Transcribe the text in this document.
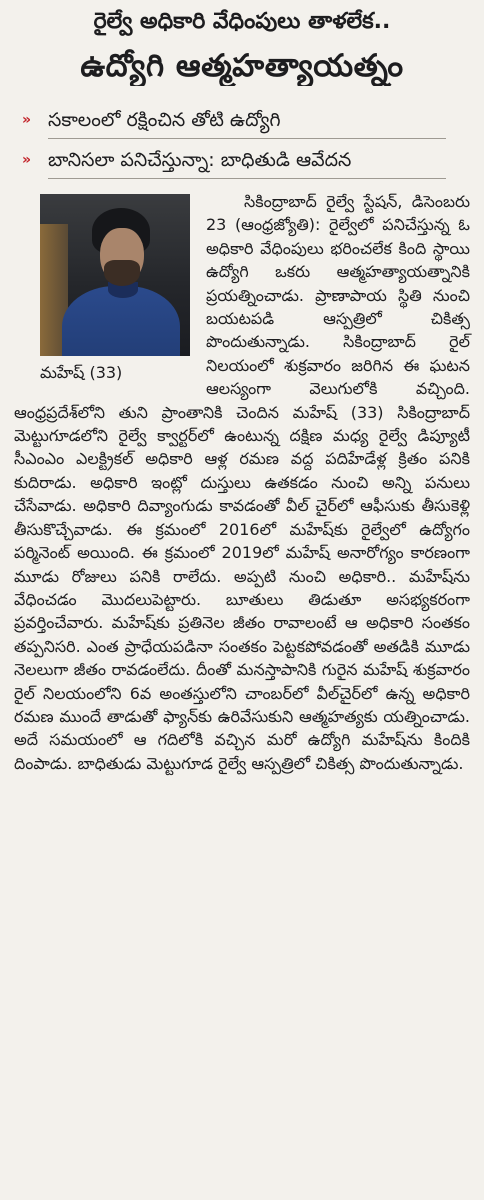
రైల్వే అధికారి వేధింపులు తాళలేక..
ఉద్యోగి ఆత్మహత్యాయత్నం
» సకాలంలో రక్షించిన తోటి ఉద్యోగి
» బానిసలా పనిచేస్తున్నా: బాధితుడి ఆవేదన
మహేష్ (33)

సికింద్రాబాద్ రైల్వే స్టేషన్, డిసెంబరు 23 (ఆంధ్రజ్యోతి): రైల్వేలో పనిచేస్తున్న ఓ అధికారి వేధింపులు భరించలేక కింది స్థాయి ఉద్యోగి ఒకరు ఆత్మహత్యాయత్నానికి ప్రయత్నించాడు. ప్రాణాపాయ స్థితి నుంచి బయటపడి ఆస్పత్రిలో చికిత్స పొందుతున్నాడు. సికింద్రాబాద్ రైల్ నిలయంలో శుక్రవారం జరిగిన ఈ ఘటన ఆలస్యంగా వెలుగులోకి వచ్చింది. ఆంధ్రప్రదేశ్‌లోని తుని ప్రాంతానికి చెందిన మహేష్ (33) సికింద్రాబాద్ మెట్టుగూడలోని రైల్వే క్వార్టర్‌లో ఉంటున్న దక్షిణ మధ్య రైల్వే డిప్యూటీ సీఎంఎం ఎలక్ట్రికల్ అధికారి ఆళ్ల రమణ వద్ద పదిహేడేళ్ల క్రితం పనికి కుదిరాడు. అధికారి ఇంట్లో దుస్తులు ఉతకడం నుంచి అన్ని పనులు చేసేవాడు. అధికారి దివ్యాంగుడు కావడంతో వీల్ చైర్‌లో ఆఫీసుకు తీసుకెళ్లి తీసుకొచ్చేవాడు. ఈ క్రమంలో 2016లో మహేష్‌కు రైల్వేలో ఉద్యోగం పర్మినెంట్ అయింది. ఈ క్రమంలో 2019లో మహేష్ అనారోగ్యం కారణంగా మూడు రోజులు పనికి రాలేదు. అప్పటి నుంచి అధికారి.. మహేష్‌ను వేధించడం మొదలుపెట్టారు. బూతులు తిడుతూ అసభ్యకరంగా ప్రవర్తించేవారు. మహేష్‌కు ప్రతినెల జీతం రావాలంటే ఆ అధికారి సంతకం తప్పనిసరి. ఎంత ప్రాధేయపడినా సంతకం పెట్టకపోవడంతో అతడికి మూడు నెలలుగా జీతం రావడంలేదు. దీంతో మనస్తాపానికి గురైన మహేష్ శుక్రవారం రైల్ నిలయంలోని 6వ అంతస్తులోని చాంబర్‌లో వీల్‌చైర్‌లో ఉన్న అధికారి రమణ ముందే తాడుతో ఫ్యాన్‌కు ఉరివేసుకుని ఆత్మహత్యకు యత్నించాడు. అదే సమయంలో ఆ గదిలోకి వచ్చిన మరో ఉద్యోగి మహేష్‌ను కిందికి దింపాడు. బాధితుడు మెట్టుగూడ రైల్వే ఆస్పత్రిలో చికిత్స పొందుతున్నాడు.
